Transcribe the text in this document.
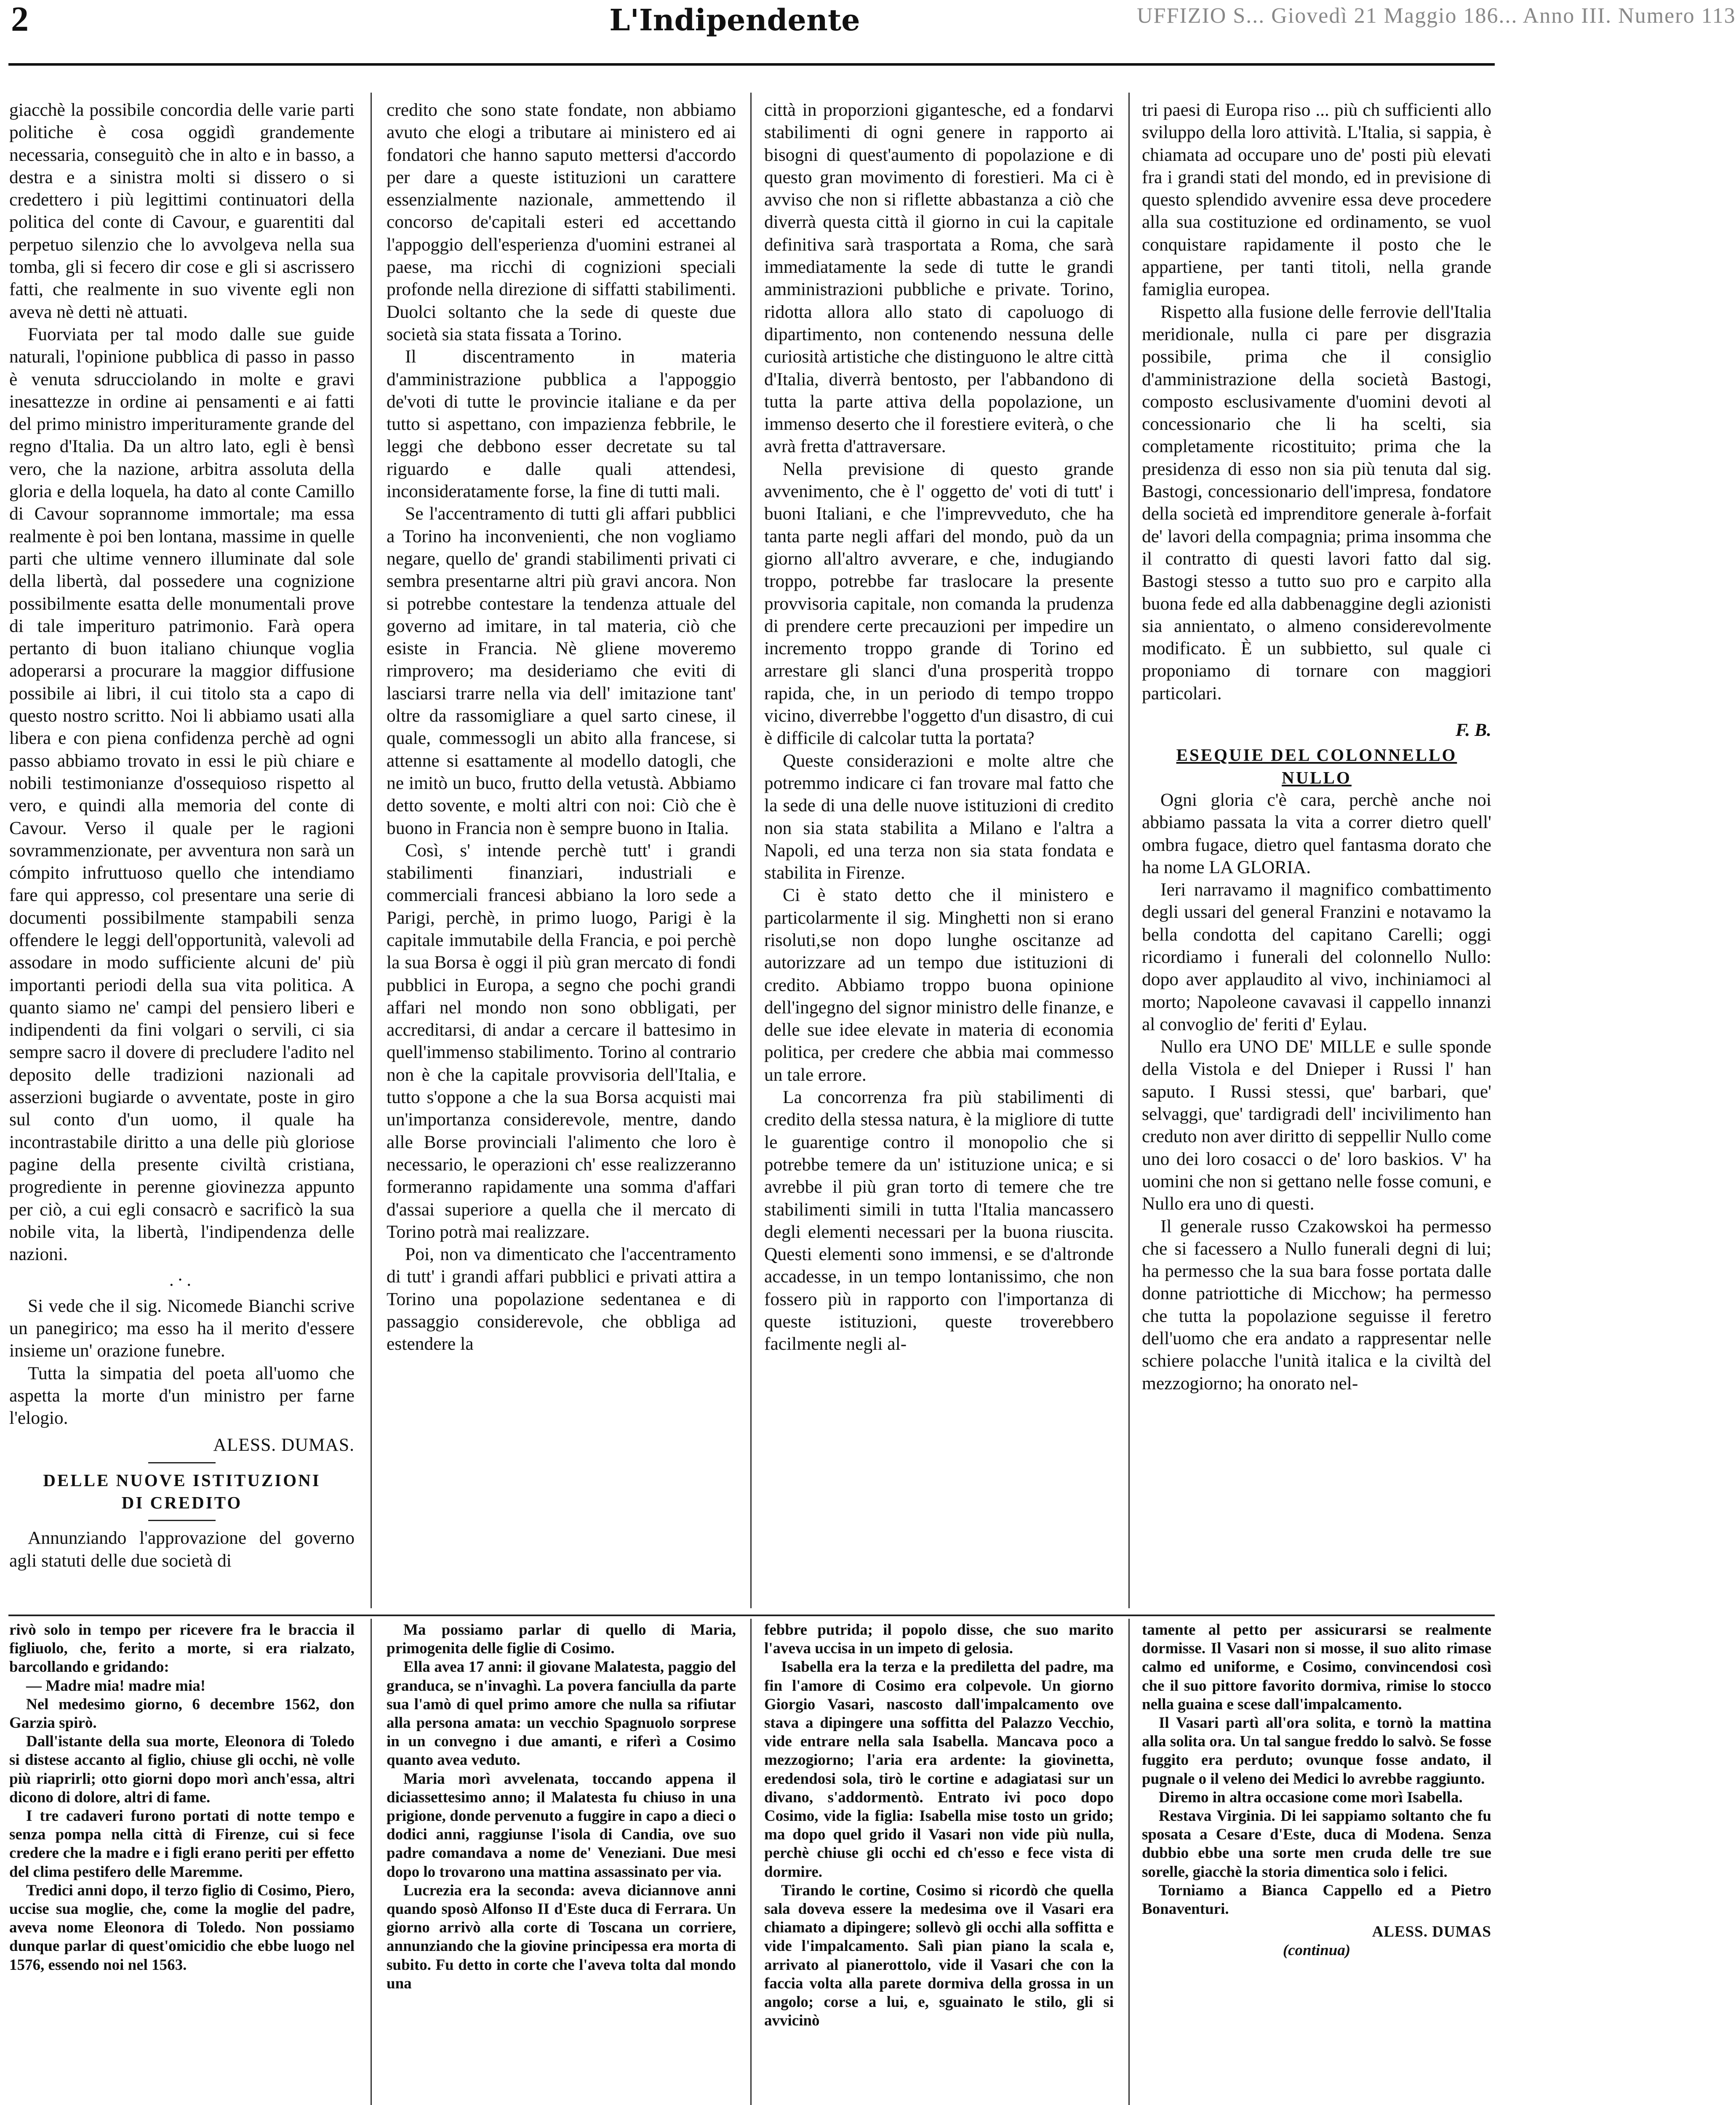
2	L'Indipendente	UFFIZIO S... Giovedì 21 Maggio 186... Anno III. Numero 113

giacchè la possibile concordia delle varie parti politiche è cosa oggidì grandemente necessaria, conseguitò che in alto e in basso, a destra e a sinistra molti si dissero o si credettero i più legittimi continuatori della politica del conte di Cavour, e guarentiti dal perpetuo silenzio che lo avvolgeva nella sua tomba, gli si fecero dir cose e gli si ascrissero fatti, che realmente in suo vivente egli non aveva nè detti nè attuati.

Fuorviata per tal modo dalle sue guide naturali, l'opinione pubblica di passo in passo è venuta sdrucciolando in molte e gravi inesattezze in ordine ai pensamenti e ai fatti del primo ministro imperituramente grande del regno d'Italia. Da un altro lato, egli è bensì vero, che la nazione, arbitra assoluta della gloria e della loquela, ha dato al conte Camillo di Cavour soprannome immortale; ma essa realmente è poi ben lontana, massime in quelle parti che ultime vennero illuminate dal sole della libertà, dal possedere una cognizione possibilmente esatta delle monumentali prove di tale imperituro patrimonio. Farà opera pertanto di buon italiano chiunque voglia adoperarsi a procurare la maggior diffusione possibile ai libri, il cui titolo sta a capo di questo nostro scritto. Noi li abbiamo usati alla libera e con piena confidenza perchè ad ogni passo abbiamo trovato in essi le più chiare e nobili testimonianze d'ossequioso rispetto al vero, e quindi alla memoria del conte di Cavour. Verso il quale per le ragioni sovrammenzionate, per avventura non sarà un cómpito infruttuoso quello che intendiamo fare qui appresso, col presentare una serie di documenti possibilmente stampabili senza offendere le leggi dell'opportunità, valevoli ad assodare in modo sufficiente alcuni de' più importanti periodi della sua vita politica. A quanto siamo ne' campi del pensiero liberi e indipendenti da fini volgari o servili, ci sia sempre sacro il dovere di precludere l'adito nel deposito delle tradizioni nazionali ad asserzioni bugiarde o avventate, poste in giro sul conto d'un uomo, il quale ha incontrastabile diritto a una delle più gloriose pagine della presente civiltà cristiana, progrediente in perenne giovinezza appunto per ciò, a cui egli consacrò e sacrificò la sua nobile vita, la libertà, l'indipendenza delle nazioni.

.·.

Si vede che il sig. Nicomede Bianchi scrive un panegirico; ma esso ha il merito d'essere insieme un' orazione funebre.

Tutta la simpatia del poeta all'uomo che aspetta la morte d'un ministro per farne l'elogio.

ALESS. DUMAS.

DELLE NUOVE ISTITUZIONI

DI CREDITO

Annunziando l'approvazione del governo agli statuti delle due società di

credito che sono state fondate, non abbiamo avuto che elogi a tributare ai ministero ed ai fondatori che hanno saputo mettersi d'accordo per dare a queste istituzioni un carattere essenzialmente nazionale, ammettendo il concorso de'capitali esteri ed accettando l'appoggio dell'esperienza d'uomini estranei al paese, ma ricchi di cognizioni speciali profonde nella direzione di siffatti stabilimenti. Duolci soltanto che la sede di queste due società sia stata fissata a Torino.

Il discentramento in materia d'amministrazione pubblica a l'appoggio de'voti di tutte le provincie italiane e da per tutto si aspettano, con impazienza febbrile, le leggi che debbono esser decretate su tal riguardo e dalle quali attendesi, inconsideratamente forse, la fine di tutti mali.

Se l'accentramento di tutti gli affari pubblici a Torino ha inconvenienti, che non vogliamo negare, quello de' grandi stabilimenti privati ci sembra presentarne altri più gravi ancora. Non si potrebbe contestare la tendenza attuale del governo ad imitare, in tal materia, ciò che esiste in Francia. Nè gliene moveremo rimprovero; ma desideriamo che eviti di lasciarsi trarre nella via dell' imitazione tant' oltre da rassomigliare a quel sarto cinese, il quale, commessogli un abito alla francese, si attenne si esattamente al modello datogli, che ne imitò un buco, frutto della vetustà. Abbiamo detto sovente, e molti altri con noi: Ciò che è buono in Francia non è sempre buono in Italia.

Così, s' intende perchè tutt' i grandi stabilimenti finanziari, industriali e commerciali francesi abbiano la loro sede a Parigi, perchè, in primo luogo, Parigi è la capitale immutabile della Francia, e poi perchè la sua Borsa è oggi il più gran mercato di fondi pubblici in Europa, a segno che pochi grandi affari nel mondo non sono obbligati, per accreditarsi, di andar a cercare il battesimo in quell'immenso stabilimento. Torino al contrario non è che la capitale provvisoria dell'Italia, e tutto s'oppone a che la sua Borsa acquisti mai un'importanza considerevole, mentre, dando alle Borse provinciali l'alimento che loro è necessario, le operazioni ch' esse realizzeranno formeranno rapidamente una somma d'affari d'assai superiore a quella che il mercato di Torino potrà mai realizzare.

Poi, non va dimenticato che l'accentramento di tutt' i grandi affari pubblici e privati attira a Torino una popolazione sedentanea e di passaggio considerevole, che obbliga ad estendere la

città in proporzioni gigantesche, ed a fondarvi stabilimenti di ogni genere in rapporto ai bisogni di quest'aumento di popolazione e di questo gran movimento di forestieri. Ma ci è avviso che non si riflette abbastanza a ciò che diverrà questa città il giorno in cui la capitale definitiva sarà trasportata a Roma, che sarà immediatamente la sede di tutte le grandi amministrazioni pubbliche e private. Torino, ridotta allora allo stato di capoluogo di dipartimento, non contenendo nessuna delle curiosità artistiche che distinguono le altre città d'Italia, diverrà bentosto, per l'abbandono di tutta la parte attiva della popolazione, un immenso deserto che il forestiere eviterà, o che avrà fretta d'attraversare.

Nella previsione di questo grande avvenimento, che è l' oggetto de' voti di tutt' i buoni Italiani, e che l'imprevveduto, che ha tanta parte negli affari del mondo, può da un giorno all'altro avverare, e che, indugiando troppo, potrebbe far traslocare la presente provvisoria capitale, non comanda la prudenza di prendere certe precauzioni per impedire un incremento troppo grande di Torino ed arrestare gli slanci d'una prosperità troppo rapida, che, in un periodo di tempo troppo vicino, diverrebbe l'oggetto d'un disastro, di cui è difficile di calcolar tutta la portata?

Queste considerazioni e molte altre che potremmo indicare ci fan trovare mal fatto che la sede di una delle nuove istituzioni di credito non sia stata stabilita a Milano e l'altra a Napoli, ed una terza non sia stata fondata e stabilita in Firenze.

Ci è stato detto che il ministero e particolarmente il sig. Minghetti non si erano risoluti,se non dopo lunghe oscitanze ad autorizzare ad un tempo due istituzioni di credito. Abbiamo troppo buona opinione dell'ingegno del signor ministro delle finanze, e delle sue idee elevate in materia di economia politica, per credere che abbia mai commesso un tale errore.

La concorrenza fra più stabilimenti di credito della stessa natura, è la migliore di tutte le guarentige contro il monopolio che si potrebbe temere da un' istituzione unica; e si avrebbe il più gran torto di temere che tre stabilimenti simili in tutta l'Italia mancassero degli elementi necessari per la buona riuscita. Questi elementi sono immensi, e se d'altronde accadesse, in un tempo lontanissimo, che non fossero più in rapporto con l'importanza di queste istituzioni, queste troverebbero facilmente negli al-

tri paesi di Europa riso ... più ch sufficienti allo sviluppo della loro attività. L'Italia, si sappia, è chiamata ad occupare uno de' posti più elevati fra i grandi stati del mondo, ed in previsione di questo splendido avvenire essa deve procedere alla sua costituzione ed ordinamento, se vuol conquistare rapidamente il posto che le appartiene, per tanti titoli, nella grande famiglia europea.

Rispetto alla fusione delle ferrovie dell'Italia meridionale, nulla ci pare per disgrazia possibile, prima che il consiglio d'amministrazione della società Bastogi, composto esclusivamente d'uomini devoti al concessionario che li ha scelti, sia completamente ricostituito; prima che la presidenza di esso non sia più tenuta dal sig. Bastogi, concessionario dell'impresa, fondatore della società ed imprenditore generale à-forfait de' lavori della compagnia; prima insomma che il contratto di questi lavori fatto dal sig. Bastogi stesso a tutto suo pro e carpito alla buona fede ed alla dabbenaggine degli azionisti sia annientato, o almeno considerevolmente modificato. È un subbietto, sul quale ci proponiamo di tornare con maggiori particolari.

F. B.

ESEQUIE DEL COLONNELLO NULLO

Ogni gloria c'è cara, perchè anche noi abbiamo passata la vita a correr dietro quell' ombra fugace, dietro quel fantasma dorato che ha nome LA GLORIA.

Ieri narravamo il magnifico combattimento degli ussari del general Franzini e notavamo la bella condotta del capitano Carelli; oggi ricordiamo i funerali del colonnello Nullo: dopo aver applaudito al vivo, inchiniamoci al morto; Napoleone cavavasi il cappello innanzi al convoglio de' feriti d' Eylau.

Nullo era UNO DE' MILLE e sulle sponde della Vistola e del Dnieper i Russi l' han saputo. I Russi stessi, que' barbari, que' selvaggi, que' tardigradi dell' incivilimento han creduto non aver diritto di seppellir Nullo come uno dei loro cosacci o de' loro baskios. V' ha uomini che non si gettano nelle fosse comuni, e Nullo era uno di questi.

Il generale russo Czakowskoi ha permesso che si facessero a Nullo funerali degni di lui; ha permesso che la sua bara fosse portata dalle donne patriottiche di Micchow; ha permesso che tutta la popolazione seguisse il feretro dell'uomo che era andato a rappresentar nelle schiere polacche l'unità italica e la civiltà del mezzogiorno; ha onorato nel-

rivò solo in tempo per ricevere fra le braccia il figliuolo, che, ferito a morte, si era rialzato, barcollando e gridando:

— Madre mia! madre mia!

Nel medesimo giorno, 6 decembre 1562, don Garzia spirò.

Dall'istante della sua morte, Eleonora di Toledo si distese accanto al figlio, chiuse gli occhi, nè volle più riaprirli; otto giorni dopo morì anch'essa, altri dicono di dolore, altri di fame.

I tre cadaveri furono portati di notte tempo e senza pompa nella città di Firenze, cui si fece credere che la madre e i figli erano periti per effetto del clima pestifero delle Maremme.

Tredici anni dopo, il terzo figlio di Cosimo, Piero, uccise sua moglie, che, come la moglie del padre, aveva nome Eleonora di Toledo. Non possiamo dunque parlar di quest'omicidio che ebbe luogo nel 1576, essendo noi nel 1563.

Ma possiamo parlar di quello di Maria, primogenita delle figlie di Cosimo.

Ella avea 17 anni: il giovane Malatesta, paggio del granduca, se n'invaghì. La povera fanciulla da parte sua l'amò di quel primo amore che nulla sa rifiutar alla persona amata: un vecchio Spagnuolo sorprese in un convegno i due amanti, e riferì a Cosimo quanto avea veduto.

Maria morì avvelenata, toccando appena il diciassettesimo anno; il Malatesta fu chiuso in una prigione, donde pervenuto a fuggire in capo a dieci o dodici anni, raggiunse l'isola di Candia, ove suo padre comandava a nome de' Veneziani. Due mesi dopo lo trovarono una mattina assassinato per via.

Lucrezia era la seconda: aveva diciannove anni quando sposò Alfonso II d'Este duca di Ferrara. Un giorno arrivò alla corte di Toscana un corriere, annunziando che la giovine principessa era morta di subito. Fu detto in corte che l'aveva tolta dal mondo una

febbre putrida; il popolo disse, che suo marito l'aveva uccisa in un impeto di gelosia.

Isabella era la terza e la prediletta del padre, ma fin l'amore di Cosimo era colpevole. Un giorno Giorgio Vasari, nascosto dall'impalcamento ove stava a dipingere una soffitta del Palazzo Vecchio, vide entrare nella sala Isabella. Mancava poco a mezzogiorno; l'aria era ardente: la giovinetta, eredendosi sola, tirò le cortine e adagiatasi sur un divano, s'addormentò. Entrato ivi poco dopo Cosimo, vide la figlia: Isabella mise tosto un grido; ma dopo quel grido il Vasari non vide più nulla, perchè chiuse gli occhi ed ch'esso e fece vista di dormire.

Tirando le cortine, Cosimo si ricordò che quella sala doveva essere la medesima ove il Vasari era chiamato a dipingere; sollevò gli occhi alla soffitta e vide l'impalcamento. Salì pian piano la scala e, arrivato al pianerottolo, vide il Vasari che con la faccia volta alla parete dormiva della grossa in un angolo; corse a lui, e, sguainato le stilo, gli si avvicinò

tamente al petto per assicurarsi se realmente dormisse. Il Vasari non si mosse, il suo alito rimase calmo ed uniforme, e Cosimo, convincendosi così che il suo pittore favorito dormiva, rimise lo stocco nella guaina e scese dall'impalcamento.

Il Vasari partì all'ora solita, e tornò la mattina alla solita ora. Un tal sangue freddo lo salvò. Se fosse fuggito era perduto; ovunque fosse andato, il pugnale o il veleno dei Medici lo avrebbe raggiunto.

Diremo in altra occasione come morì Isabella.

Restava Virginia. Di lei sappiamo soltanto che fu sposata a Cesare d'Este, duca di Modena. Senza dubbio ebbe una sorte men cruda delle tre sue sorelle, giacchè la storia dimentica solo i felici.

Torniamo a Bianca Cappello ed a Pietro Bonaventuri.

ALESS. DUMAS

(continua)
